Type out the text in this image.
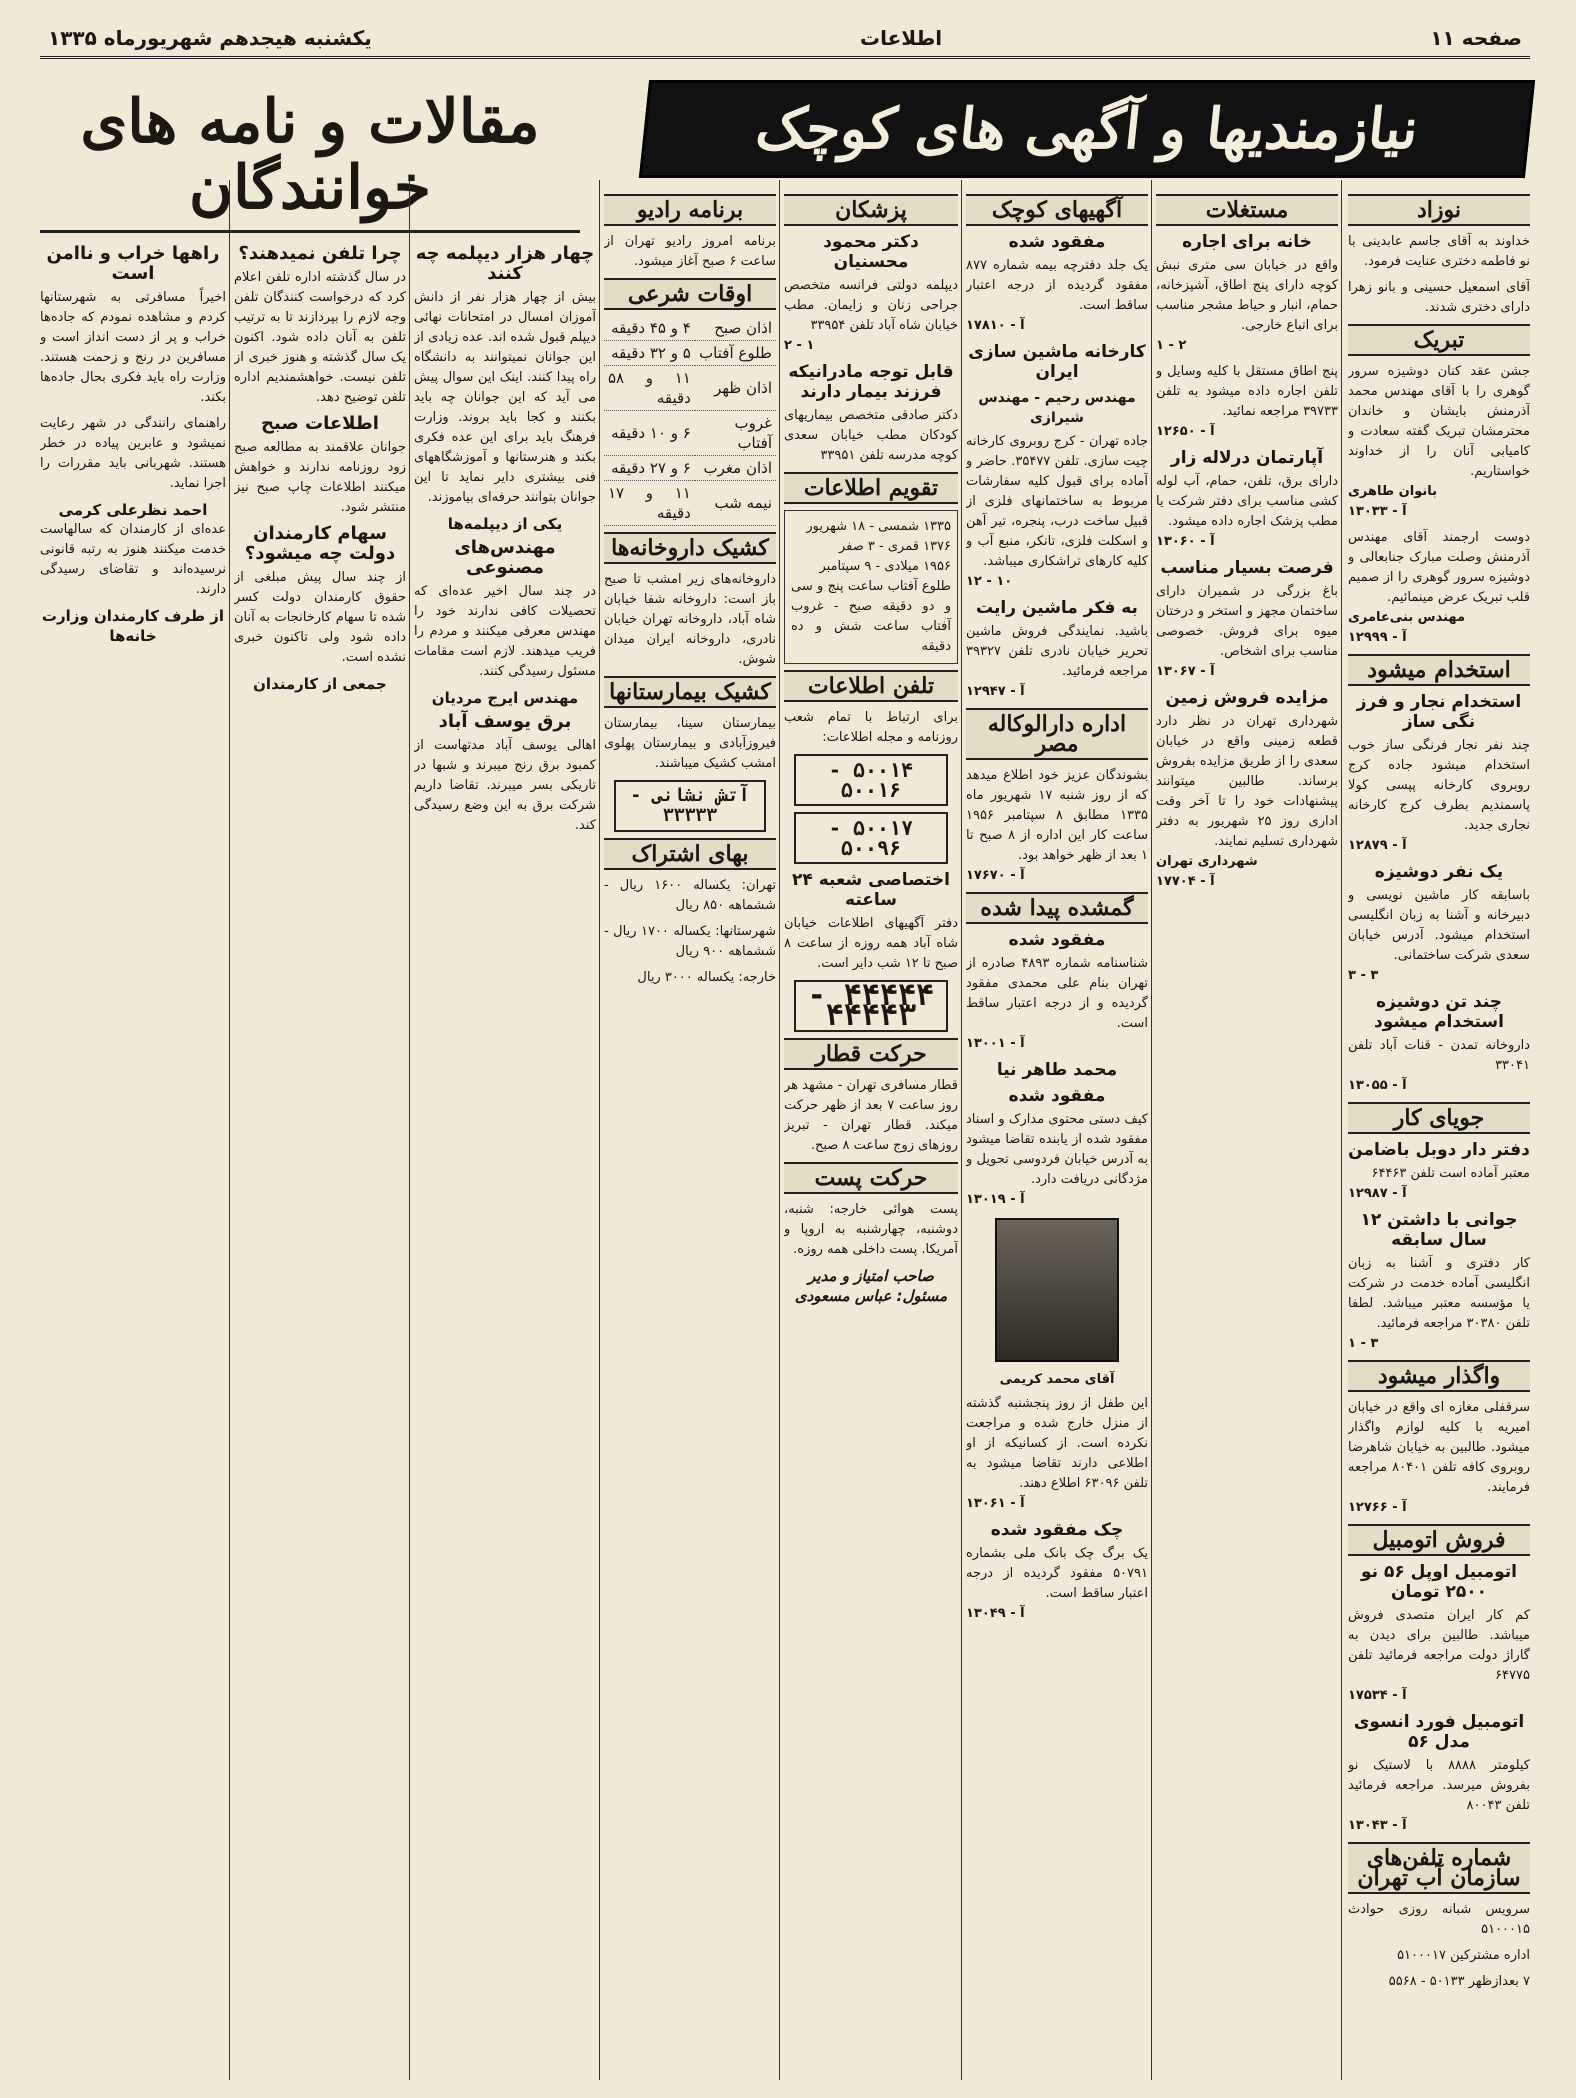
صفحه ۱۱
اطلاعات
یکشنبه هیجدهم شهریورماه ۱۳۳۵
نیازمندیها و آگهی های کوچک
مقالات و نامه های خوانندگان	نوزاد
خداوند به آقای جاسم عابدینی با نو فاطمه دختری عنایت فرمود.
آقای اسمعیل حسینی و بانو زهرا دارای دختری شدند.
تبریک
جشن عقد کنان دوشیزه سرور گوهری را با آقای مهندس محمد آذرمنش بایشان و خاندان محترمشان تبریک گفته سعادت و کامیابی آنان را از خداوند خواستاریم.
بانوان طاهری
آ - ۱۳۰۳۳
دوست ارجمند آقای مهندس آذرمنش وصلت مبارک جنابعالی و دوشیزه سرور گوهری را از صمیم قلب تبریک عرض مینمائیم.
مهندس بنی‌عامری
آ - ۱۲۹۹۹
استخدام میشود
استخدام نجار و فرز نگی ساز
چند نفر نجار فرنگی ساز خوب استخدام میشود جاده کرج روبروی کارخانه پپسی کولا پاسمندیم بطرف کرج کارخانه نجاری جدید.
آ - ۱۲۸۷۹
یک نفر دوشیزه
باسابقه کار ماشین نویسی و دبیرخانه و آشنا به زبان انگلیسی استخدام میشود. آدرس خیابان سعدی شرکت ساختمانی.
۳ - ۳
چند تن دوشیزه استخدام میشود
داروخانه تمدن - قنات آباد تلفن ۳۳۰۴۱
آ - ۱۳۰۵۵
جویای کار
دفتر دار دوبل باضامن
معتبر آماده است تلفن ۶۴۴۶۳
آ - ۱۲۹۸۷
جوانی با داشتن ۱۲ سال سابقه
کار دفتری و آشنا به زبان انگلیسی آماده خدمت در شرکت یا مؤسسه معتبر میباشد. لطفا تلفن ۳۰۳۸۰ مراجعه فرمائید.
۳ - ۱
واگذار میشود
سرقفلی مغازه ای واقع در خیابان امیریه با کلیه لوازم واگذار میشود. طالبین به خیابان شاهرضا روبروی کافه تلفن ۸۰۴۰۱ مراجعه فرمایند.
آ - ۱۲۷۶۶
فروش اتومبیل
اتومبیل اوپل ۵۶ نو ۲۵۰۰ تومان
کم کار ایران متصدی فروش میباشد. طالبین برای دیدن به گاراژ دولت مراجعه فرمائید تلفن ۶۴۷۷۵
آ - ۱۷۵۳۴
اتومبیل فورد انسوی مدل ۵۶
کیلومتر ۸۸۸۸ با لاستیک نو بفروش میرسد. مراجعه فرمائید تلفن ۸۰۰۴۳
آ - ۱۳۰۴۳
شماره تلفن‌های سازمان آب تهران
سرویس شبانه روزی حوادث ۵۱۰۰۰۱۵
اداره مشترکین ۵۱۰۰۰۱۷
۷ بعدازظهر ۵۰۱۳۳ - ۵۵۶۸
مستغلات
خانه برای اجاره
واقع در خیابان سی متری نبش کوچه دارای پنج اطاق، آشپزخانه، حمام، انبار و حیاط مشجر مناسب برای اتباع خارجی.
۲ - ۱
پنج اطاق مستقل با کلیه وسایل و تلفن اجاره داده میشود به تلفن ۳۹۷۳۳ مراجعه نمائید.
آ - ۱۲۶۵۰
آپارتمان درلاله زار
دارای برق، تلفن، حمام، آب لوله کشی مناسب برای دفتر شرکت یا مطب پزشک اجاره داده میشود.
آ - ۱۳۰۶۰
فرصت بسیار مناسب
باغ بزرگی در شمیران دارای ساختمان مجهز و استخر و درختان میوه برای فروش. خصوصی مناسب برای اشخاص.
آ - ۱۳۰۶۷
مزایده فروش زمین
شهرداری تهران در نظر دارد قطعه زمینی واقع در خیابان سعدی را از طریق مزایده بفروش برساند. طالبین میتوانند پیشنهادات خود را تا آخر وقت اداری روز ۲۵ شهریور به دفتر شهرداری تسلیم نمایند.
شهرداری تهران
آ - ۱۷۷۰۴
آگهیهای کوچک
مفقود شده
یک جلد دفترچه بیمه شماره ۸۷۷ مفقود گردیده از درجه اعتبار ساقط است.
آ - ۱۷۸۱۰
کارخانه ماشین سازی ایران
مهندس رحیم - مهندس شیرازی
جاده تهران - کرج روبروی کارخانه چیت سازی. تلفن ۳۵۴۷۷. حاضر و آماده برای قبول کلیه سفارشات مربوط به ساختمانهای فلزی از قبیل ساخت درب، پنجره، تیر آهن و اسکلت فلزی، تانکر، منبع آب و کلیه کارهای تراشکاری میباشد.
۱۰ - ۱۲
به فکر ماشین رایت
باشید. نمایندگی فروش ماشین تحریر خیابان نادری تلفن ۳۹۳۲۷ مراجعه فرمائید.
آ - ۱۲۹۴۷
اداره دارالوکاله مصر
بشوندگان عزیز خود اطلاع میدهد که از روز شنبه ۱۷ شهریور ماه ۱۳۳۵ مطابق ۸ سپتامبر ۱۹۵۶ ساعت کار این اداره از ۸ صبح تا ۱ بعد از ظهر خواهد بود.
آ - ۱۷۶۷۰
گمشده پیدا شده
مفقود شده
شناسنامه شماره ۴۸۹۳ صادره از تهران بنام علی محمدی مفقود گردیده و از درجه اعتبار ساقط است.
آ - ۱۳۰۰۱
محمد طاهر نیا
مفقود شده
کیف دستی محتوی مدارک و اسناد مفقود شده از یابنده تقاضا میشود به آدرس خیابان فردوسی تحویل و مژدگانی دریافت دارد.
آ - ۱۳۰۱۹
آقای محمد کریمی
این طفل از روز پنجشنبه گذشته از منزل خارج شده و مراجعت نکرده است. از کسانیکه از او اطلاعی دارند تقاضا میشود به تلفن ۶۳۰۹۶ اطلاع دهند.
آ - ۱۳۰۶۱
چک مفقود شده
یک برگ چک بانک ملی بشماره ۵۰۷۹۱ مفقود گردیده از درجه اعتبار ساقط است.
آ - ۱۳۰۴۹
پزشکان
دکتر محمود محسنیان
دیپلمه دولتی فرانسه متخصص جراحی زنان و زایمان. مطب خیابان شاه آباد تلفن ۳۳۹۵۴
۱ - ۲
قابل توجه مادرانیکه فرزند بیمار دارند
دکتر صادقی متخصص بیماریهای کودکان مطب خیابان سعدی کوچه مدرسه تلفن ۳۳۹۵۱
تقویم اطلاعات
۱۳۳۵ شمسی - ۱۸ شهریور
۱۳۷۶ قمری - ۳ صفر
۱۹۵۶ میلادی - ۹ سپتامبر
طلوع آفتاب ساعت پنج و سی و دو دقیقه صبح - غروب آفتاب ساعت شش و ده دقیقه
تلفن اطلاعات
برای ارتباط با تمام شعب روزنامه و مجله اطلاعات:
۵۰۰۱۴ - ۵۰۰۱۶
۵۰۰۱۷ - ۵۰۰۹۶
اختصاصی شعبه ۲۴ ساعته
دفتر آگهیهای اطلاعات خیابان شاه آباد همه روزه از ساعت ۸ صبح تا ۱۲ شب دایر است.
۴۴۴۴۴ - ۴۴۴۴۳
حرکت قطار
قطار مسافری تهران - مشهد هر روز ساعت ۷ بعد از ظهر حرکت میکند. قطار تهران - تبریز روزهای زوج ساعت ۸ صبح.
حرکت پست
پست هوائی خارجه: شنبه، دوشنبه، چهارشنبه به اروپا و آمریکا. پست داخلی همه روزه.
صاحب امتیاز و مدیر مسئول: عباس مسعودی
برنامه رادیو
برنامه امروز رادیو تهران از ساعت ۶ صبح آغاز میشود.
اوقات شرعی
اذان صبح	۴ و ۴۵ دقیقه
طلوع آفتاب	۵ و ۳۲ دقیقه
اذان ظهر	۱۱ و ۵۸ دقیقه
غروب آفتاب	۶ و ۱۰ دقیقه
اذان مغرب	۶ و ۲۷ دقیقه
نیمه شب	۱۱ و ۱۷ دقیقه
کشیک داروخانه‌ها
داروخانه‌های زیر امشب تا صبح باز است: داروخانه شفا خیابان شاه آباد، داروخانه تهران خیابان نادری، داروخانه ایران میدان شوش.
کشیک بیمارستانها
بیمارستان سینا، بیمارستان فیروزآبادی و بیمارستان پهلوی امشب کشیک میباشند.
آتش نشانی - ۳۳۳۳۳
بهای اشتراک
تهران: یکساله ۱۶۰۰ ریال - ششماهه ۸۵۰ ریال
شهرستانها: یکساله ۱۷۰۰ ریال - ششماهه ۹۰۰ ریال
خارجه: یکساله ۳۰۰۰ ریال
چهار هزار دیپلمه چه کنند
بیش از چهار هزار نفر از دانش آموزان امسال در امتحانات نهائی دیپلم قبول شده اند. عده زیادی از این جوانان نمیتوانند به دانشگاه راه پیدا کنند. اینک این سوال پیش می آید که این جوانان چه باید بکنند و کجا باید بروند. وزارت فرهنگ باید برای این عده فکری بکند و هنرستانها و آموزشگاههای فنی بیشتری دایر نماید تا این جوانان بتوانند حرفه‌ای بیاموزند.
یکی از دیپلمه‌ها
مهندس‌های مصنوعی
در چند سال اخیر عده‌ای که تحصیلات کافی ندارند خود را مهندس معرفی میکنند و مردم را فریب میدهند. لازم است مقامات مسئول رسیدگی کنند.
مهندس ایرج مردیان
برق یوسف آباد
اهالی یوسف آباد مدتهاست از کمبود برق رنج میبرند و شبها در تاریکی بسر میبرند. تقاضا داریم شرکت برق به این وضع رسیدگی کند.
چرا تلفن نمیدهند؟
در سال گذشته اداره تلفن اعلام کرد که درخواست کنندگان تلفن وجه لازم را بپردازند تا به ترتیب تلفن به آنان داده شود. اکنون یک سال گذشته و هنوز خبری از تلفن نیست. خواهشمندیم اداره تلفن توضیح دهد.
اطلاعات صبح
جوانان علاقمند به مطالعه صبح زود روزنامه ندارند و خواهش میکنند اطلاعات چاپ صبح نیز منتشر شود.
سهام کارمندان دولت چه میشود؟
از چند سال پیش مبلغی از حقوق کارمندان دولت کسر شده تا سهام کارخانجات به آنان داده شود ولی تاکنون خبری نشده است.
جمعی از کارمندان
راهها خراب و ناامن است
اخیراً مسافرتی به شهرستانها کردم و مشاهده نمودم که جاده‌ها خراب و پر از دست انداز است و مسافرین در رنج و زحمت هستند. وزارت راه باید فکری بحال جاده‌ها بکند.
راهنمای رانندگی در شهر رعایت نمیشود و عابرین پیاده در خطر هستند. شهربانی باید مقررات را اجرا نماید.
احمد نظرعلی کرمی
عده‌ای از کارمندان که سالهاست خدمت میکنند هنوز به رتبه قانونی نرسیده‌اند و تقاضای رسیدگی دارند.
از طرف کارمندان وزارت خانه‌ها
